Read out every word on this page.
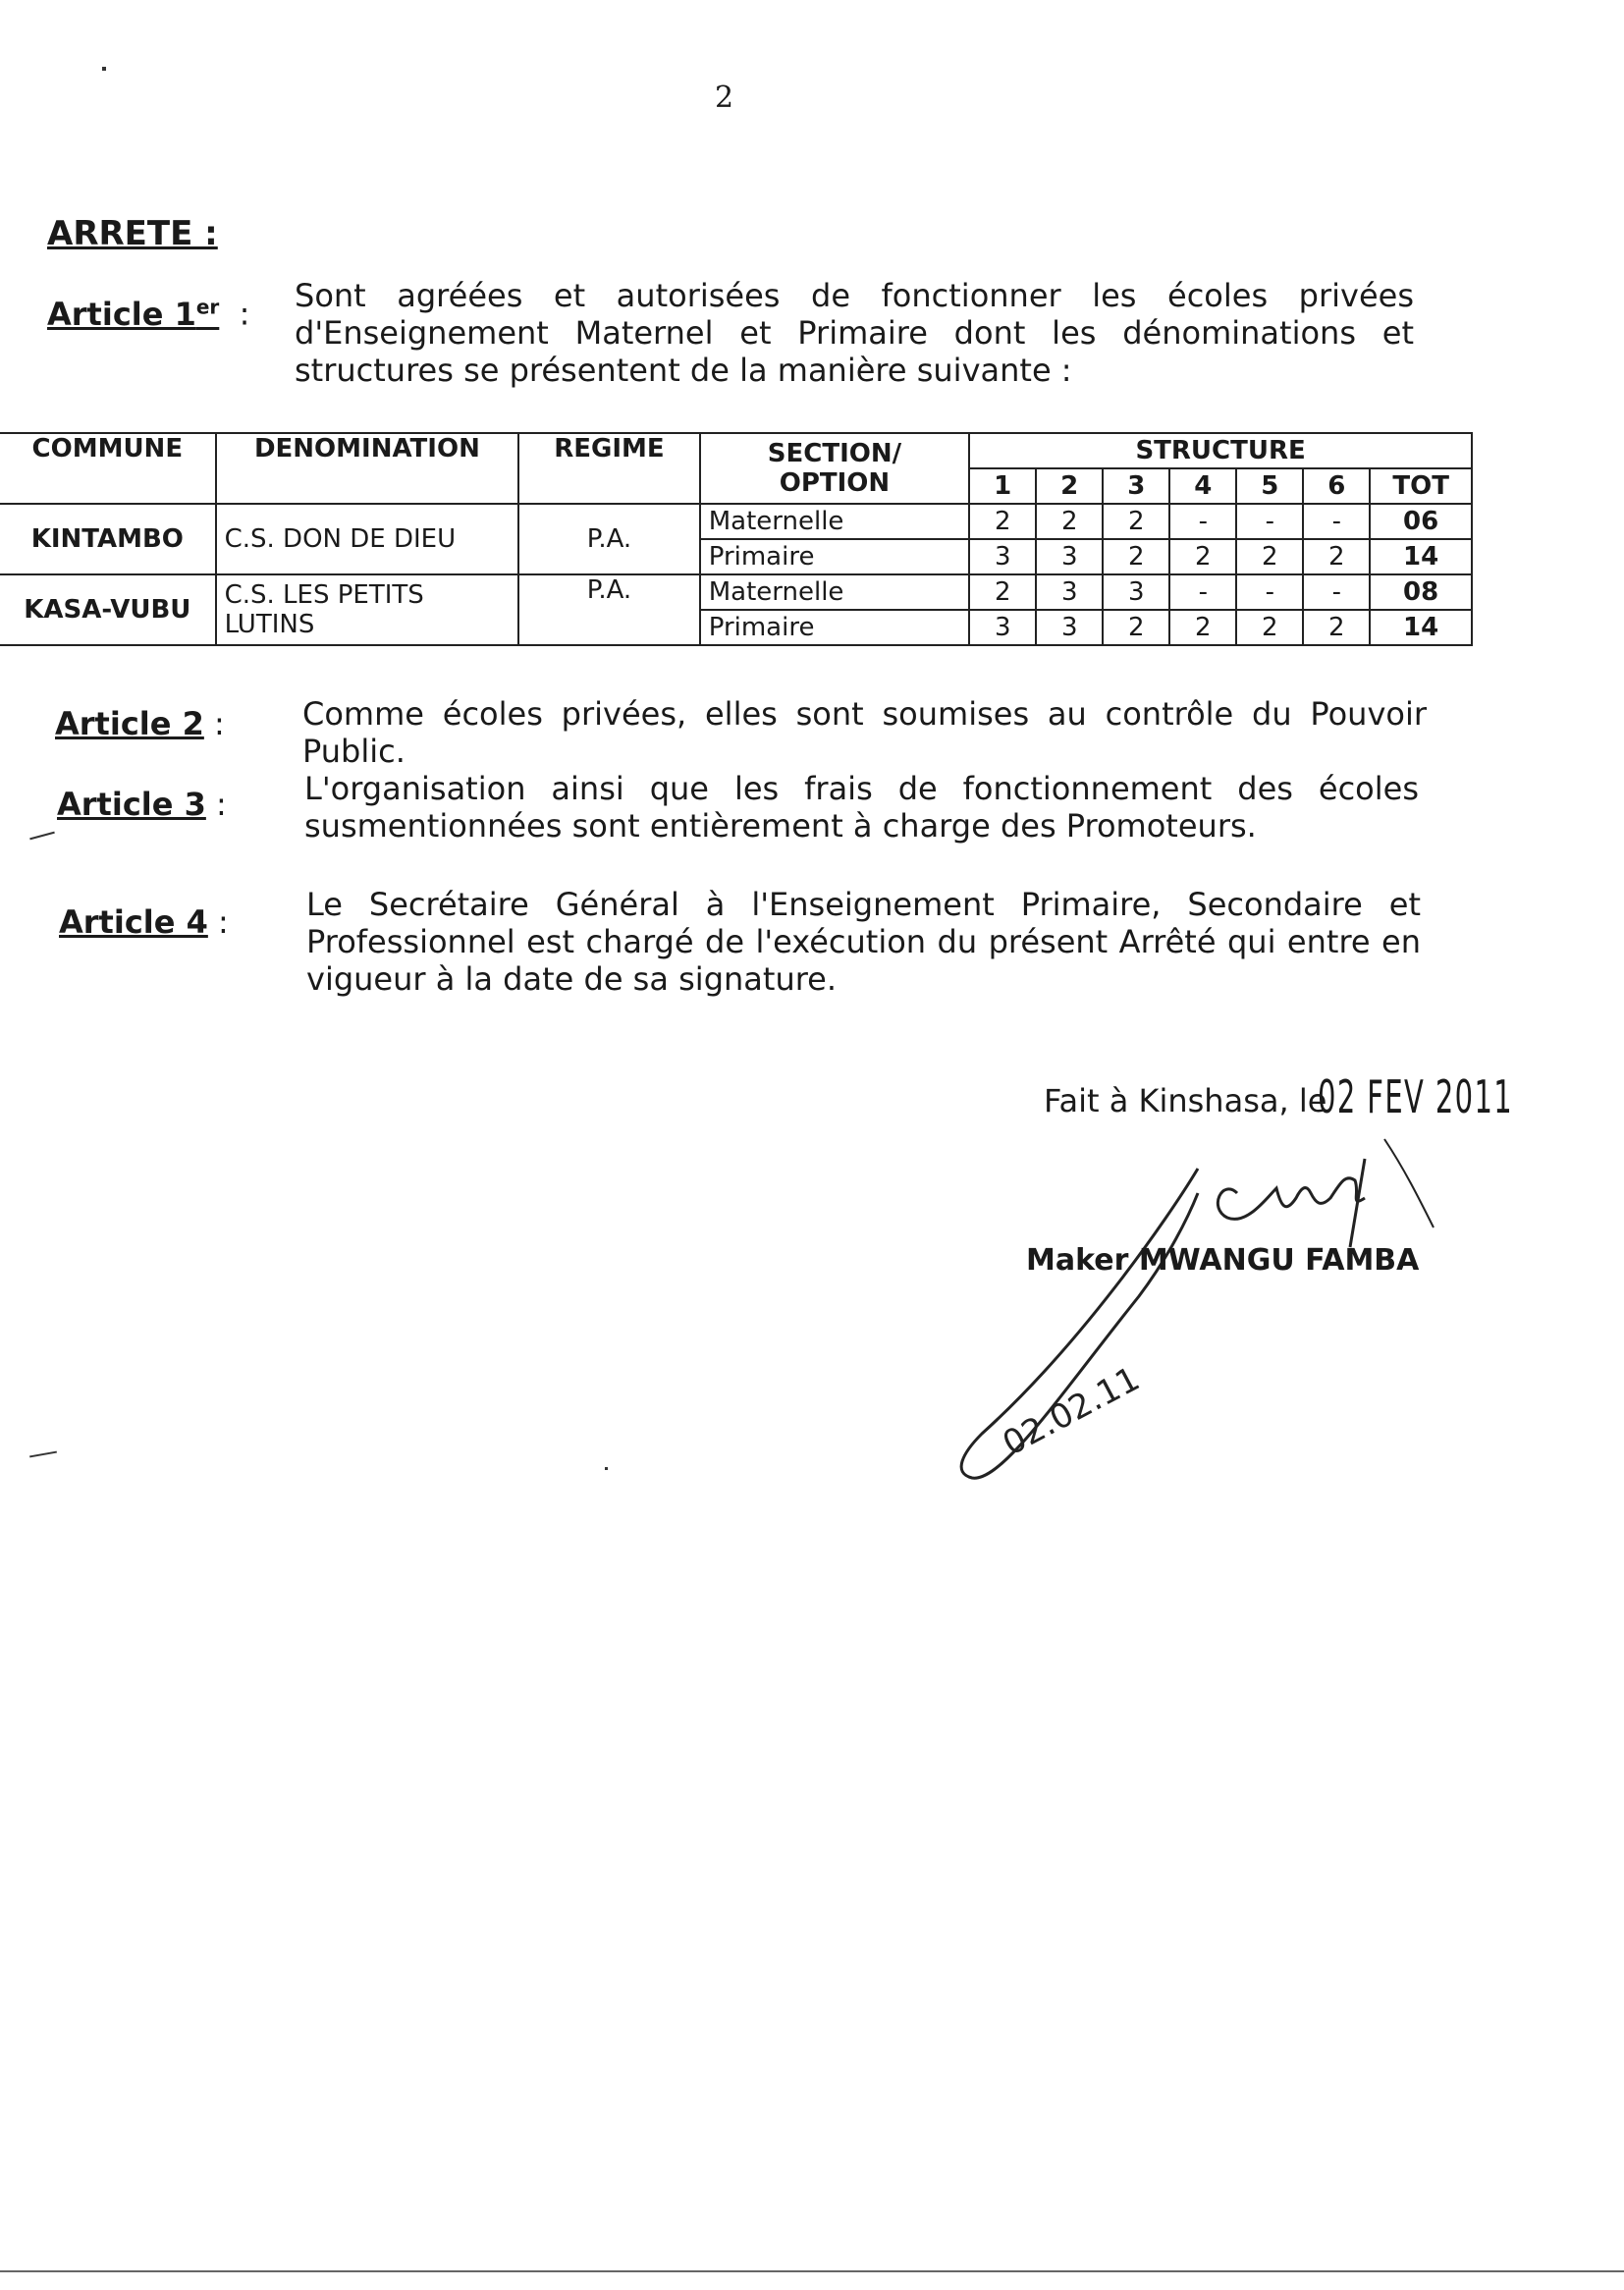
2
ARRETE :
Article 1er  : Sont agréées et autorisées de fonctionner les écoles privées d'Enseignement Maternel et Primaire dont les dénominations et structures se présentent de la manière suivante :
COMMUNE	DENOMINATION	REGIME	SECTION/ OPTION	STRUCTURE						
				1	2	3	4	5	6	TOT
KINTAMBO	C.S. DON DE DIEU	P.A.	Maternelle	2	2	2	-	-	-	06
			Primaire	3	3	2	2	2	2	14
KASA-VUBU	C.S. LES PETITS LUTINS	P.A.	Maternelle	2	3	3	-	-	-	08
			Primaire	3	3	2	2	2	2	14
Article 2 : Comme écoles privées, elles sont soumises au contrôle du Pouvoir Public.
Article 3 : L'organisation ainsi que les frais de fonctionnement des écoles susmentionnées sont entièrement à charge des Promoteurs.
Article 4 : Le Secrétaire Général à l'Enseignement Primaire, Secondaire et Professionnel est chargé de l'exécution du présent Arrêté qui entre en vigueur à la date de sa signature.
Fait à Kinshasa, le
02 FEV 2011
02.02.11
Maker MWANGU FAMBA
